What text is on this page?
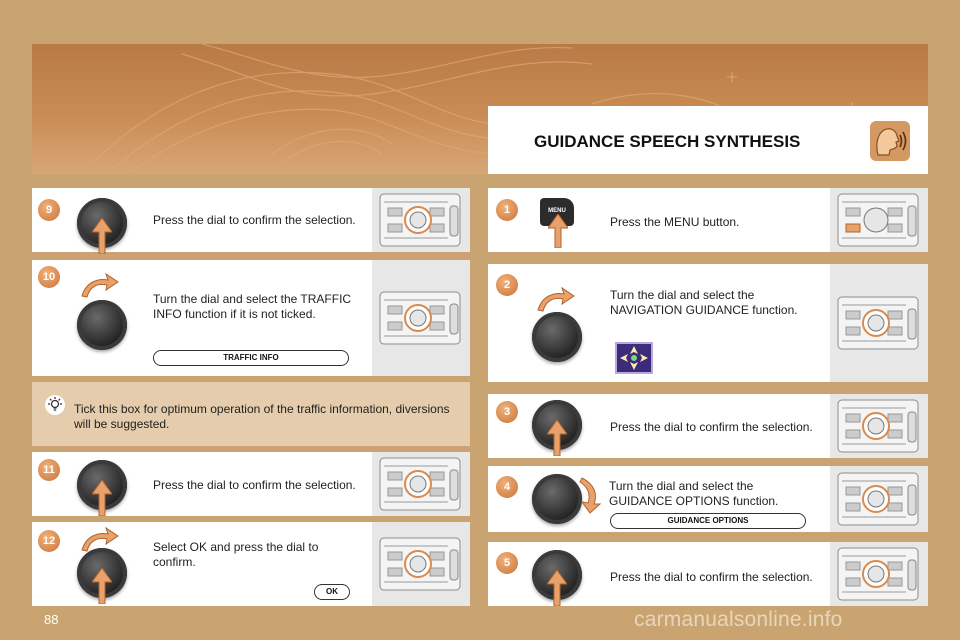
GUIDANCE SPEECH SYNTHESIS
9
Press the dial to confirm the selection.
10
Turn the dial and select the TRAFFIC INFO function if it is not ticked.
TRAFFIC INFO
Tick this box for optimum operation of the traffic information, diversions will be suggested.
11
Press the dial to confirm the selection.
12	Select OK and press the dial to confirm.
OK
1	MENU
Press the MENU button.
2
Turn the dial and select the NAVIGATION GUIDANCE function.
3
Press the dial to confirm the selection.
4	Turn the dial and select the GUIDANCE OPTIONS function.
GUIDANCE OPTIONS
5
Press the dial to confirm the selection.
88	carmanualsonline.info
